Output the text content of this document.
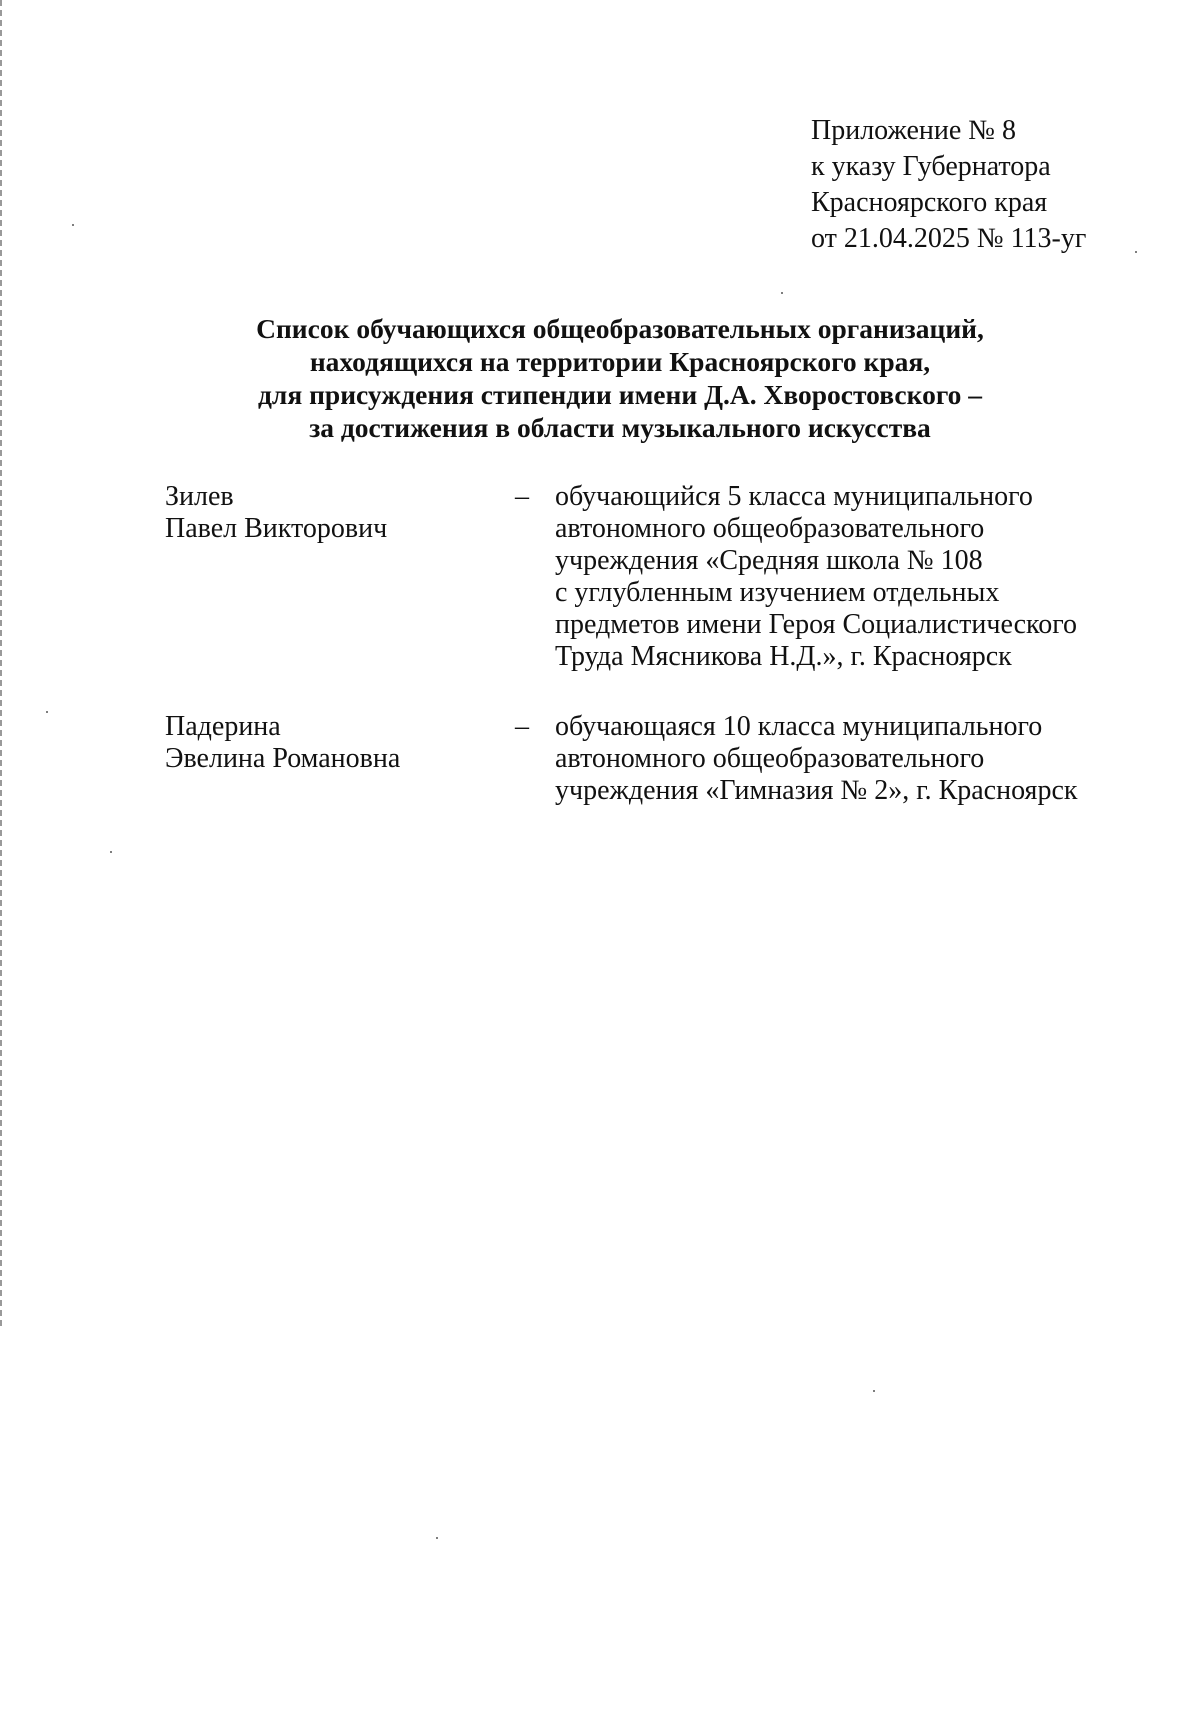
Приложение № 8
к указу Губернатора
Красноярского края
от 21.04.2025 № 113-уг
Список обучающихся общеобразовательных организаций,
находящихся на территории Красноярского края,
для присуждения стипендии имени Д.А. Хворостовского –
за достижения в области музыкального искусства
Зилев
Павел Викторович
– обучающийся 5 класса муниципального
автономного общеобразовательного
учреждения «Средняя школа № 108
с углубленным изучением отдельных
предметов имени Героя Социалистического
Труда Мясникова Н.Д.», г. Красноярск
Падерина
Эвелина Романовна
– обучающаяся 10 класса муниципального
автономного общеобразовательного
учреждения «Гимназия № 2», г. Красноярск
